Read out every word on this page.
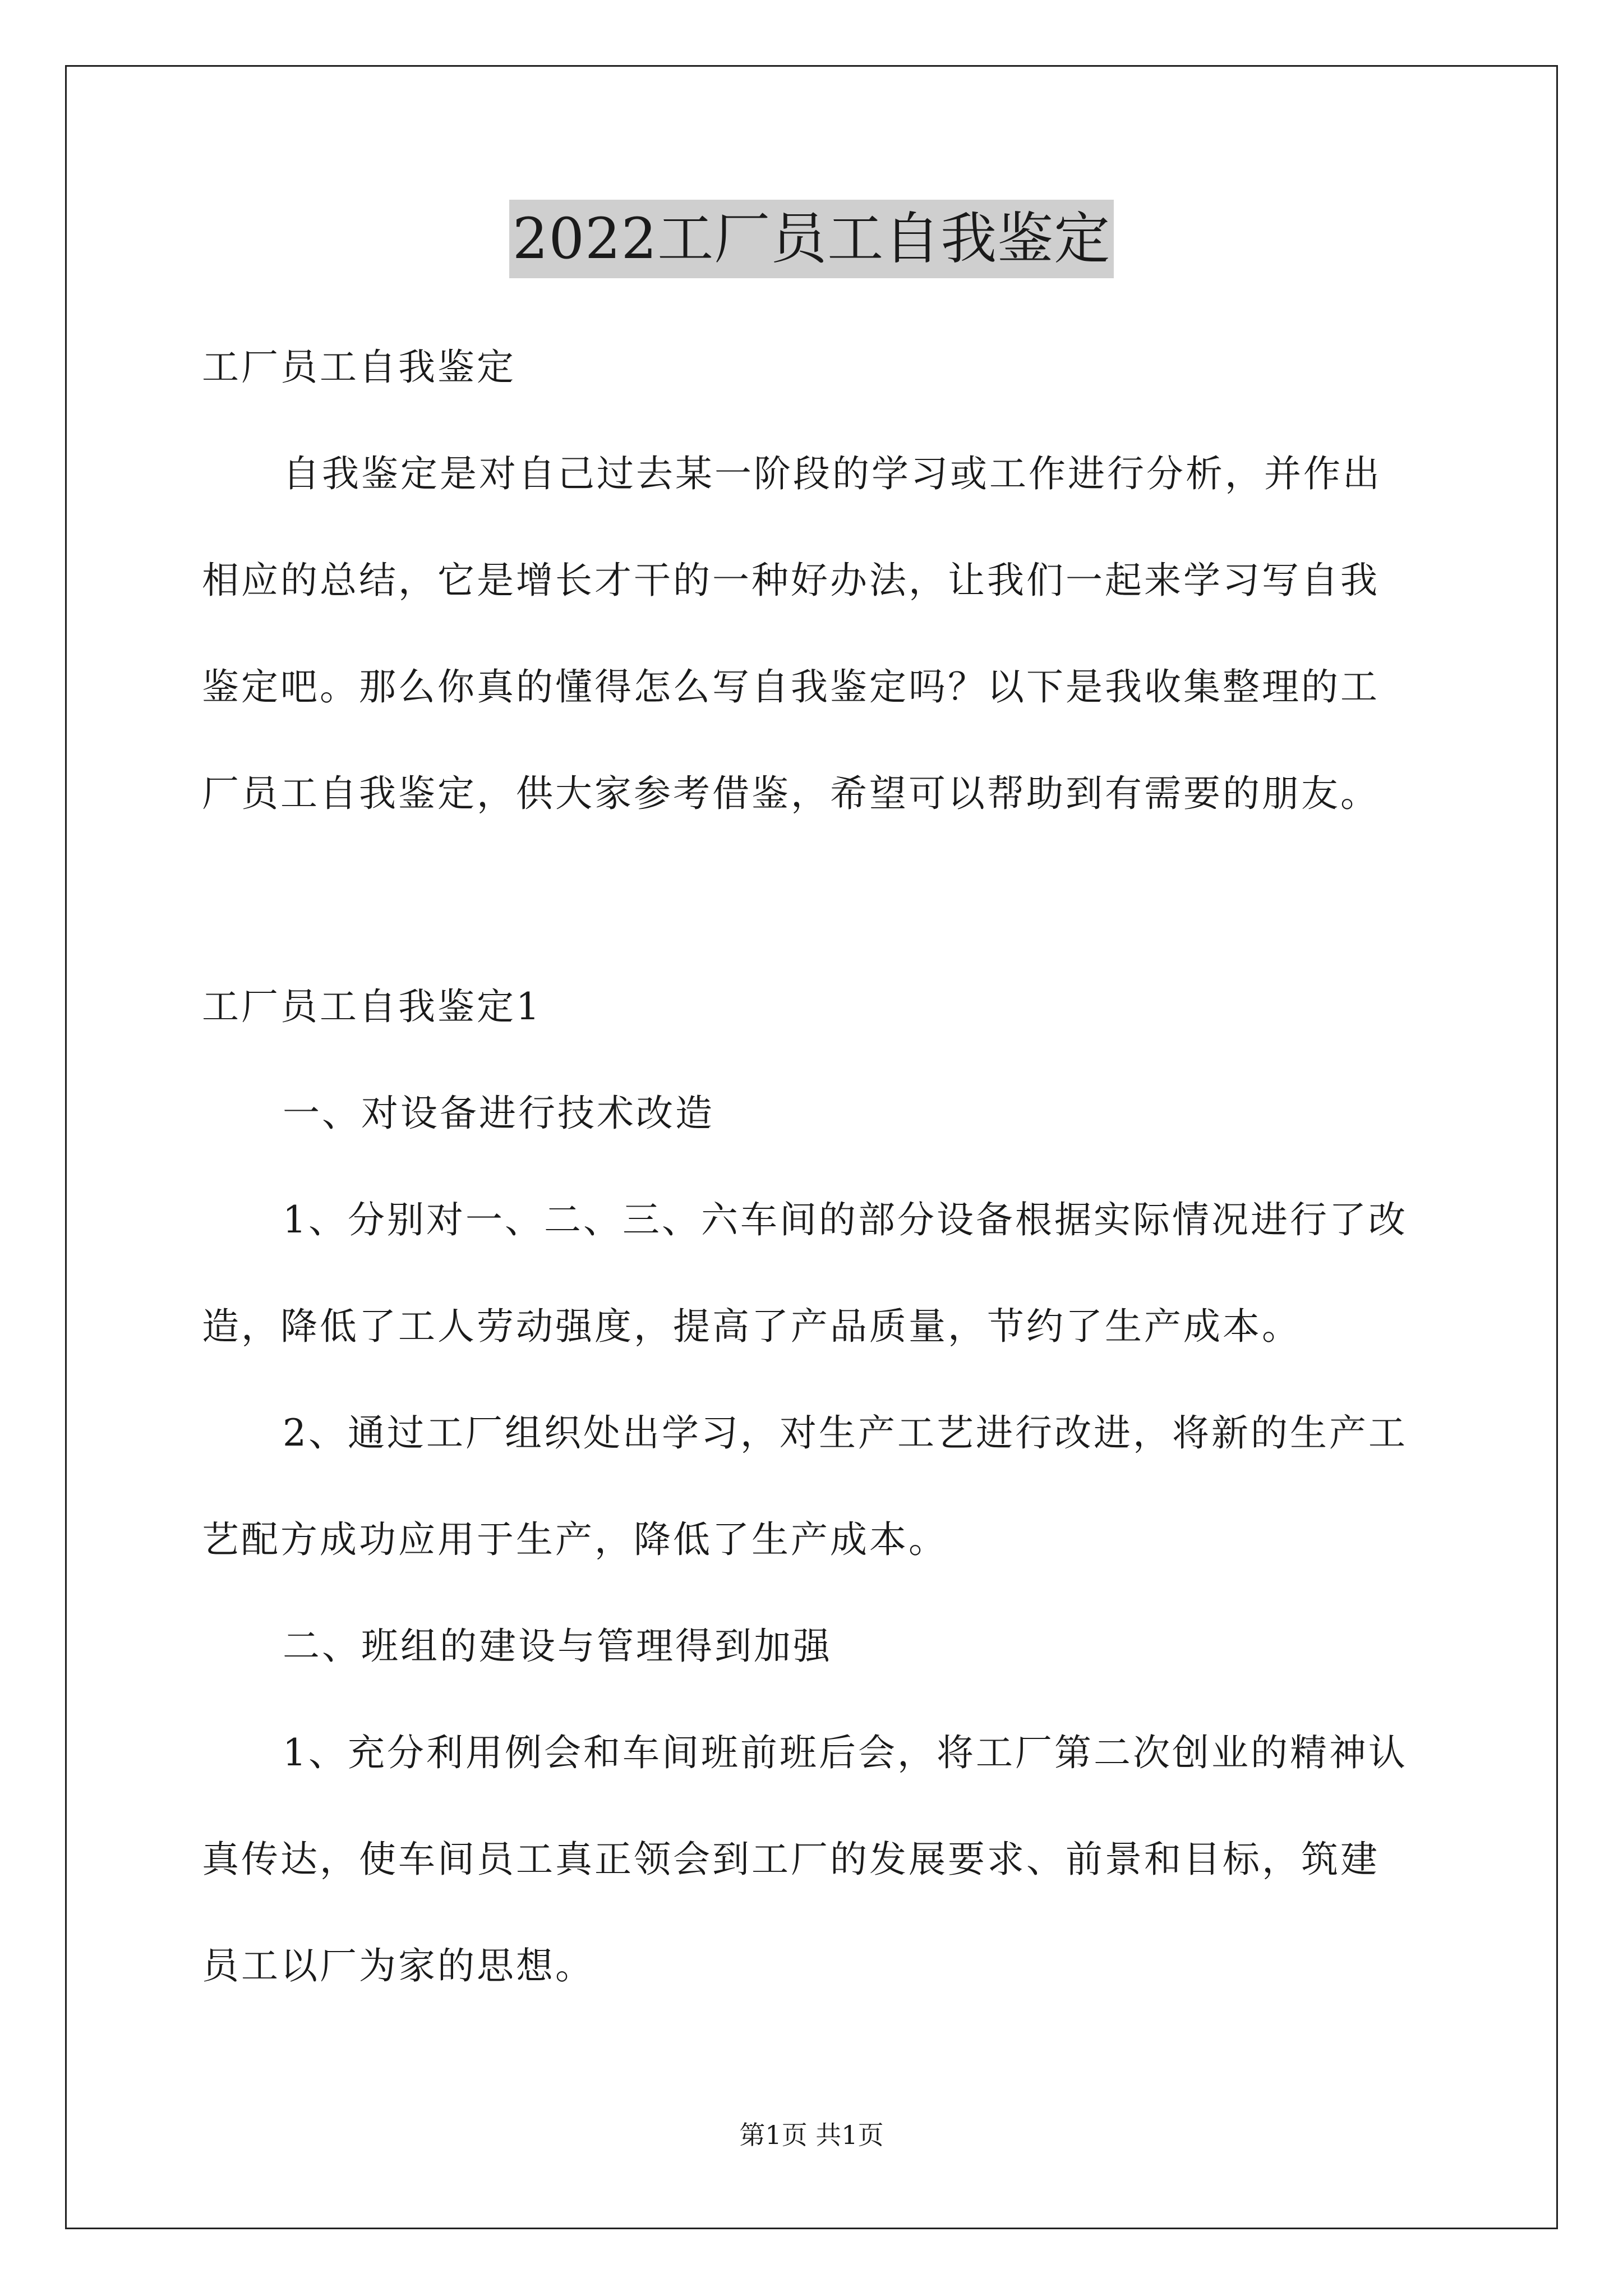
2022工厂员工自我鉴定
工厂员工自我鉴定
自我鉴定是对自己过去某一阶段的学习或工作进行分析，并作出
相应的总结，它是增长才干的一种好办法，让我们一起来学习写自我
鉴定吧。那么你真的懂得怎么写自我鉴定吗？以下是我收集整理的工
厂员工自我鉴定，供大家参考借鉴，希望可以帮助到有需要的朋友。
工厂员工自我鉴定1
一、对设备进行技术改造
1、分别对一、二、三、六车间的部分设备根据实际情况进行了改
造，降低了工人劳动强度，提高了产品质量，节约了生产成本。
2、通过工厂组织处出学习，对生产工艺进行改进，将新的生产工
艺配方成功应用于生产，降低了生产成本。
二、班组的建设与管理得到加强
1、充分利用例会和车间班前班后会，将工厂第二次创业的精神认
真传达，使车间员工真正领会到工厂的发展要求、前景和目标，筑建
员工以厂为家的思想。
第1页 共1页
